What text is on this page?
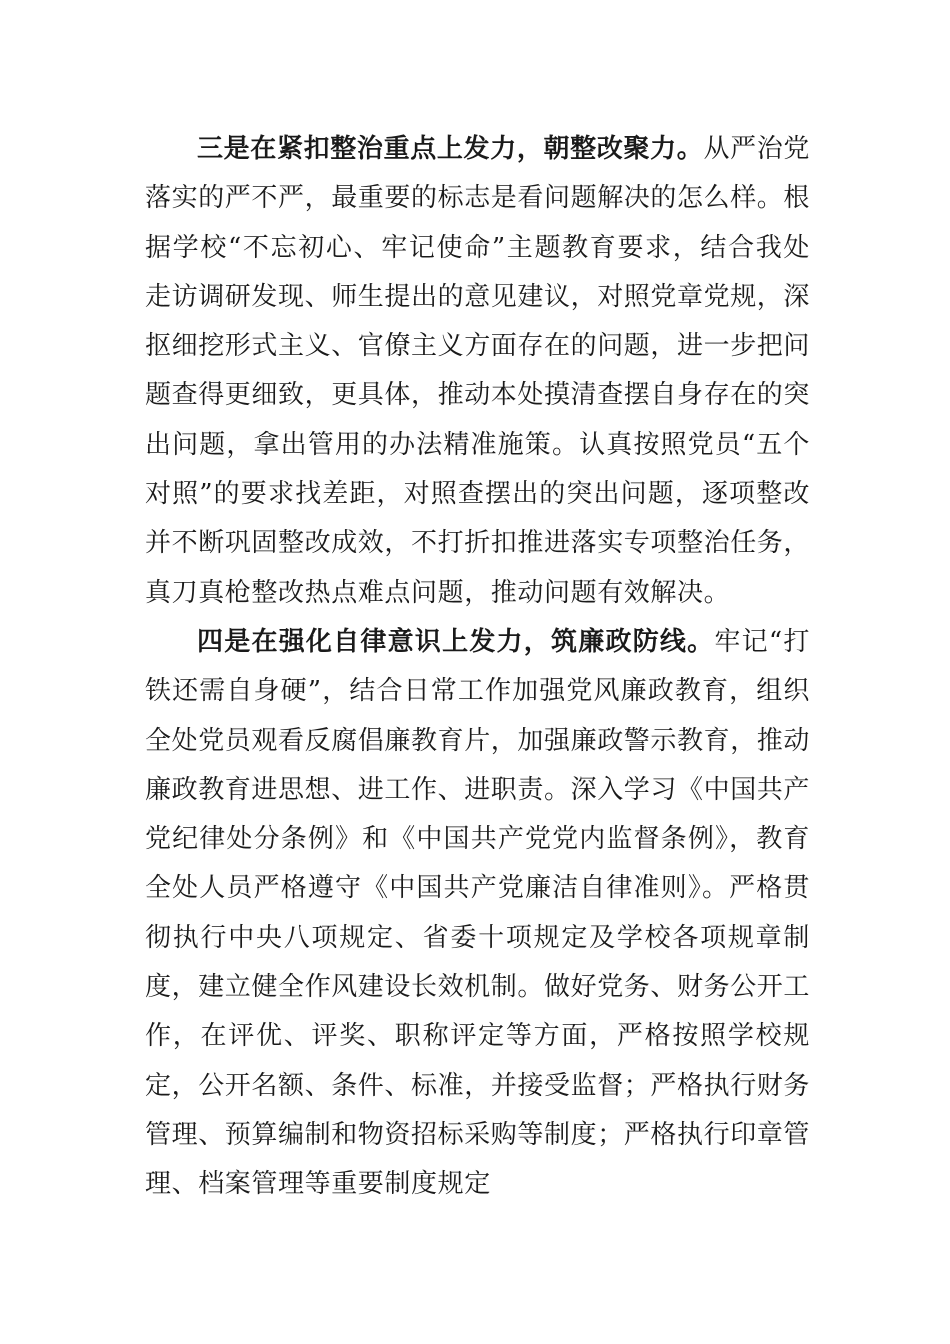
三是在紧扣整治重点上发力，朝整改聚力。从严治党落实的严不严，最重要的标志是看问题解决的怎么样。根据学校“不忘初心、牢记使命”主题教育要求，结合我处走访调研发现、师生提出的意见建议，对照党章党规，深抠细挖形式主义、官僚主义方面存在的问题，进一步把问题查得更细致，更具体，推动本处摸清查摆自身存在的突出问题，拿出管用的办法精准施策。认真按照党员“五个对照”的要求找差距，对照查摆出的突出问题，逐项整改并不断巩固整改成效，不打折扣推进落实专项整治任务，真刀真枪整改热点难点问题，推动问题有效解决。

四是在强化自律意识上发力，筑廉政防线。牢记“打铁还需自身硬”，结合日常工作加强党风廉政教育，组织全处党员观看反腐倡廉教育片，加强廉政警示教育，推动廉政教育进思想、进工作、进职责。深入学习《中国共产党纪律处分条例》和《中国共产党党内监督条例》，教育全处人员严格遵守《中国共产党廉洁自律准则》。严格贯彻执行中央八项规定、省委十项规定及学校各项规章制度，建立健全作风建设长效机制。做好党务、财务公开工作，在评优、评奖、职称评定等方面，严格按照学校规定，公开名额、条件、标准，并接受监督；严格执行财务管理、预算编制和物资招标采购等制度；严格执行印章管理、档案管理等重要制度规定
